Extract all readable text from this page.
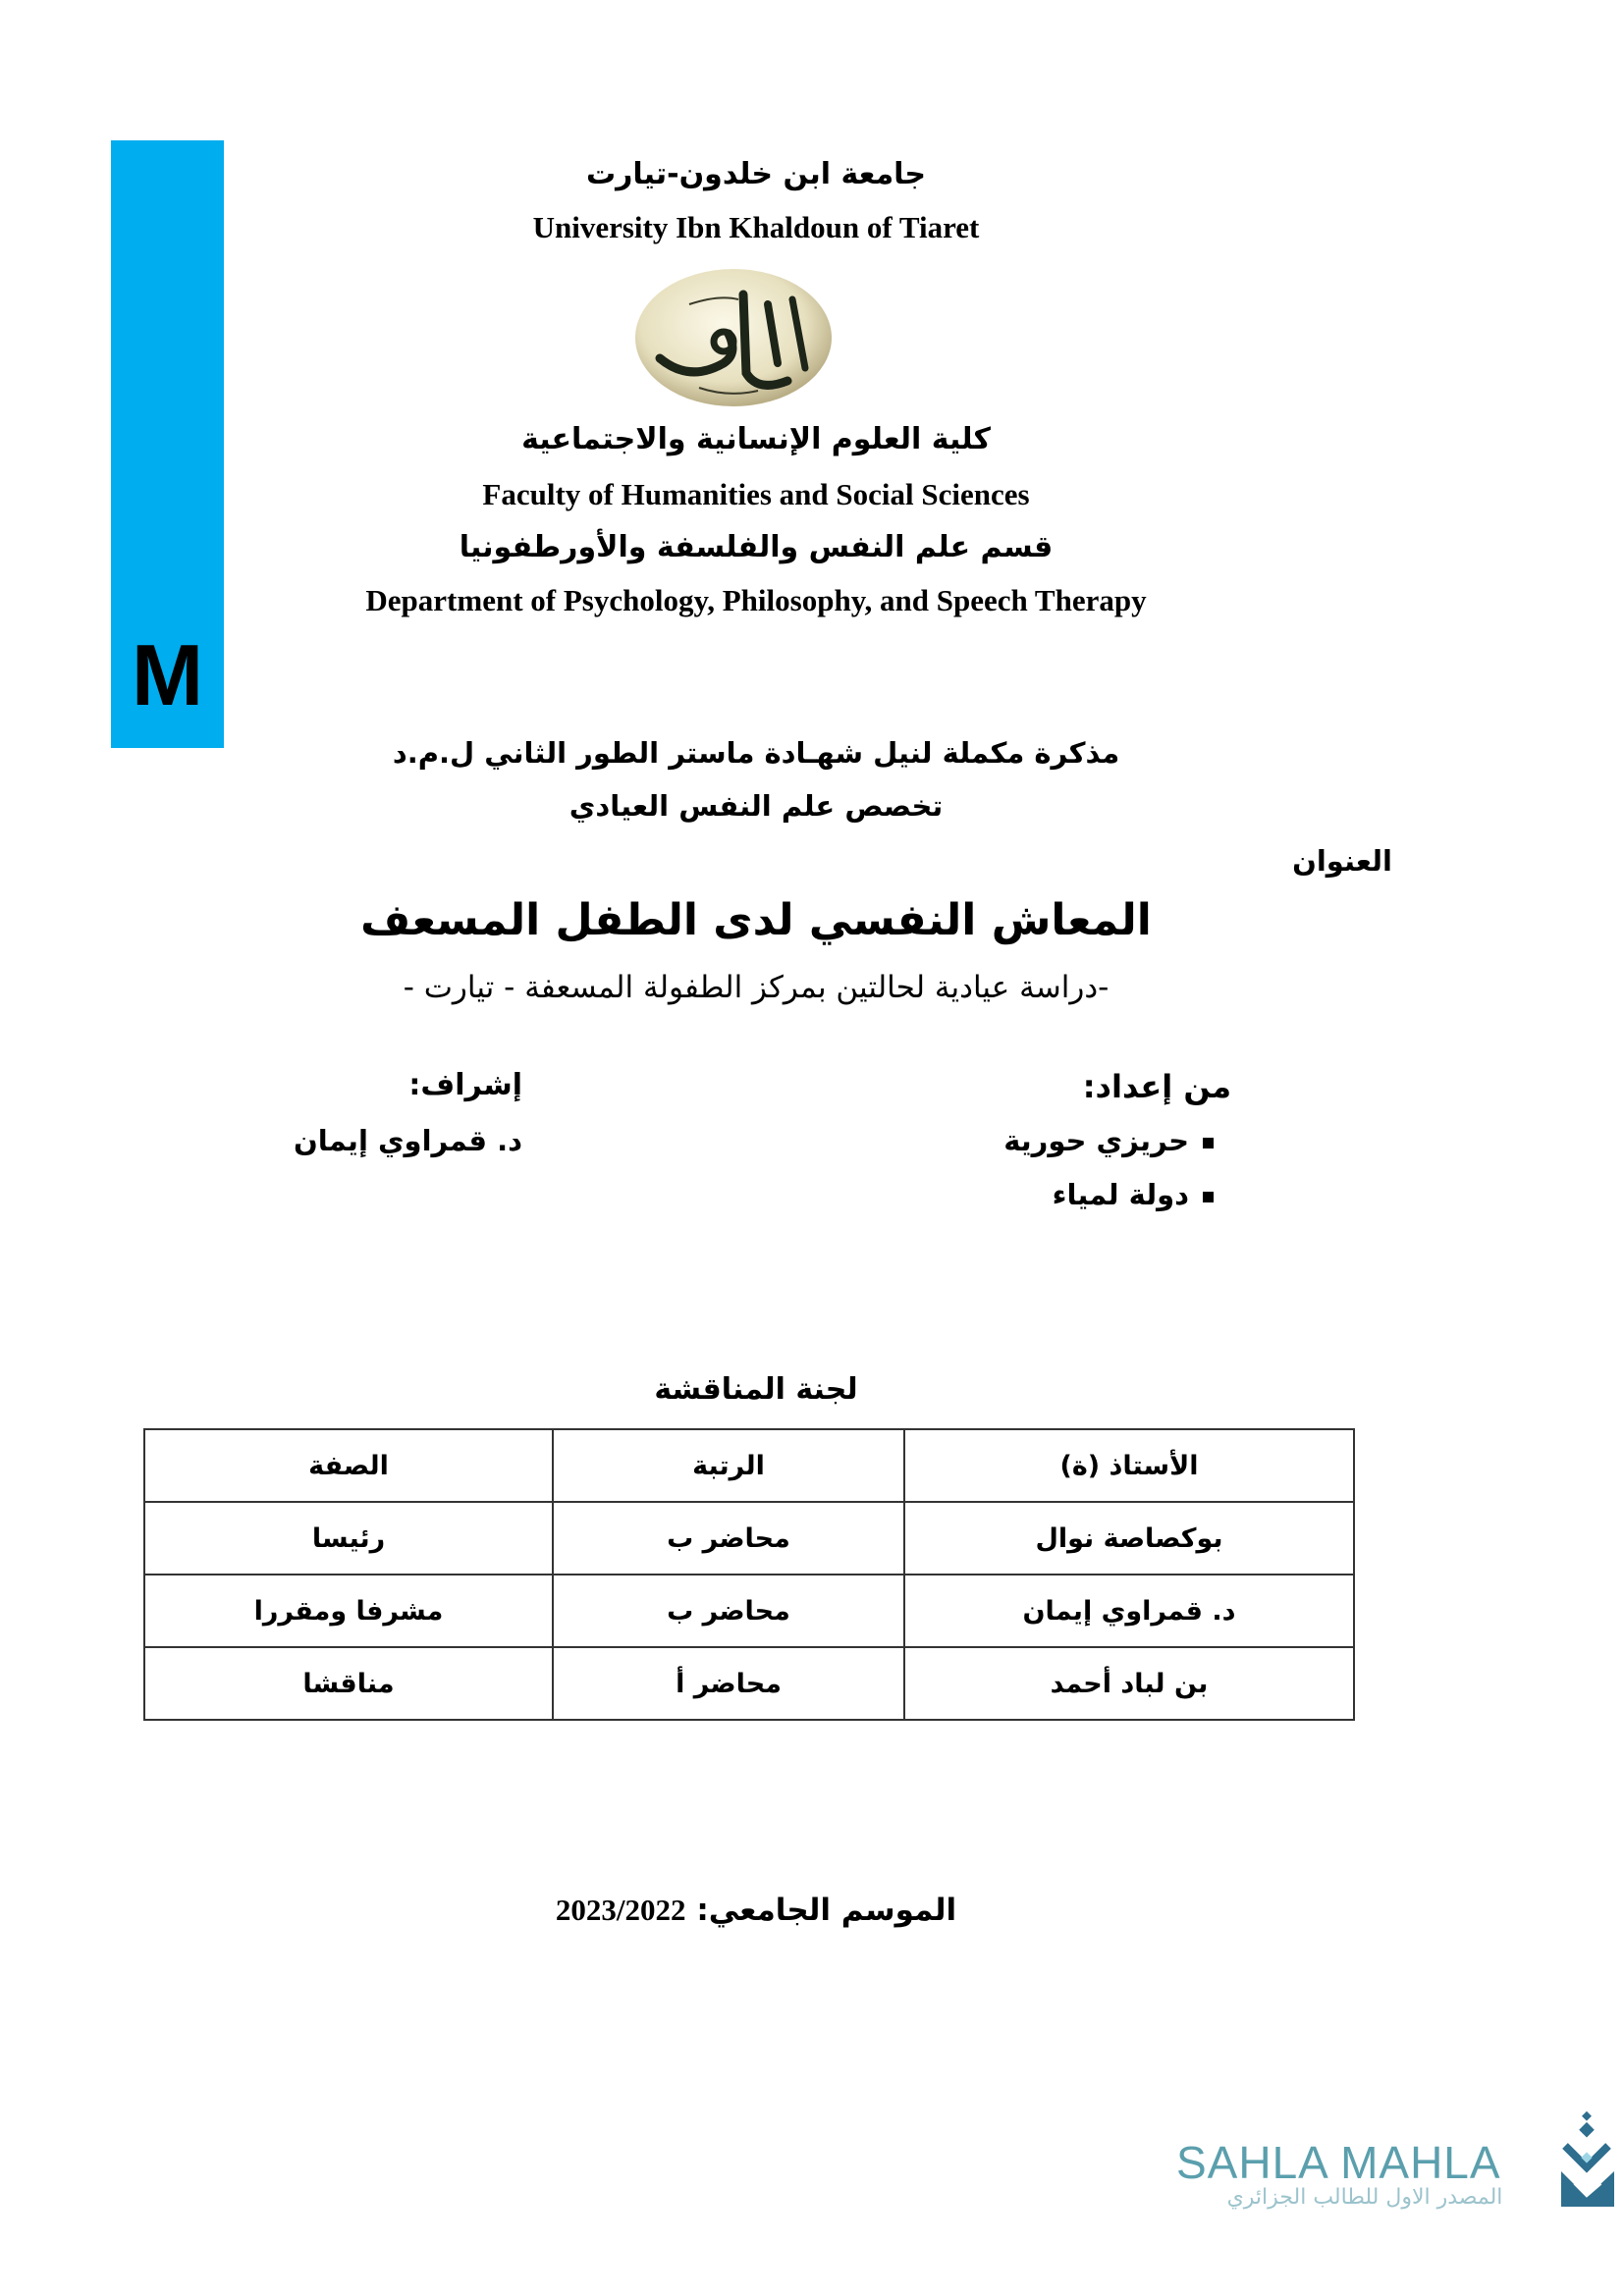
M
جامعة ابن خلدون-تيارت
University Ibn Khaldoun of Tiaret
كلية العلوم الإنسانية والاجتماعية
Faculty of Humanities and Social Sciences
قسم علم النفس والفلسفة والأورطفونيا
Department of Psychology, Philosophy, and Speech Therapy
مذكرة مكملة لنيل شهـادة ماستر الطور الثاني ل.م.د
تخصص علم النفس العيادي
العنوان
المعاش النفسي لدى الطفل المسعف
-دراسة عيادية لحالتين بمركز الطفولة المسعفة - تيارت -
من إعداد:
حريزي حورية
دولة لمياء
إشراف:
د. قمراوي إيمان
لجنة المناقشة
الأستاذ (ة)	الرتبة	الصفة
بوكصاصة نوال	محاضر ب	رئيسا
د. قمراوي إيمان	محاضر ب	مشرفا ومقررا
بن لباد أحمد	محاضر أ	مناقشا
الموسم الجامعي: 2023/2022
SAHLA MAHLA
المصدر الاول للطالب الجزائري
